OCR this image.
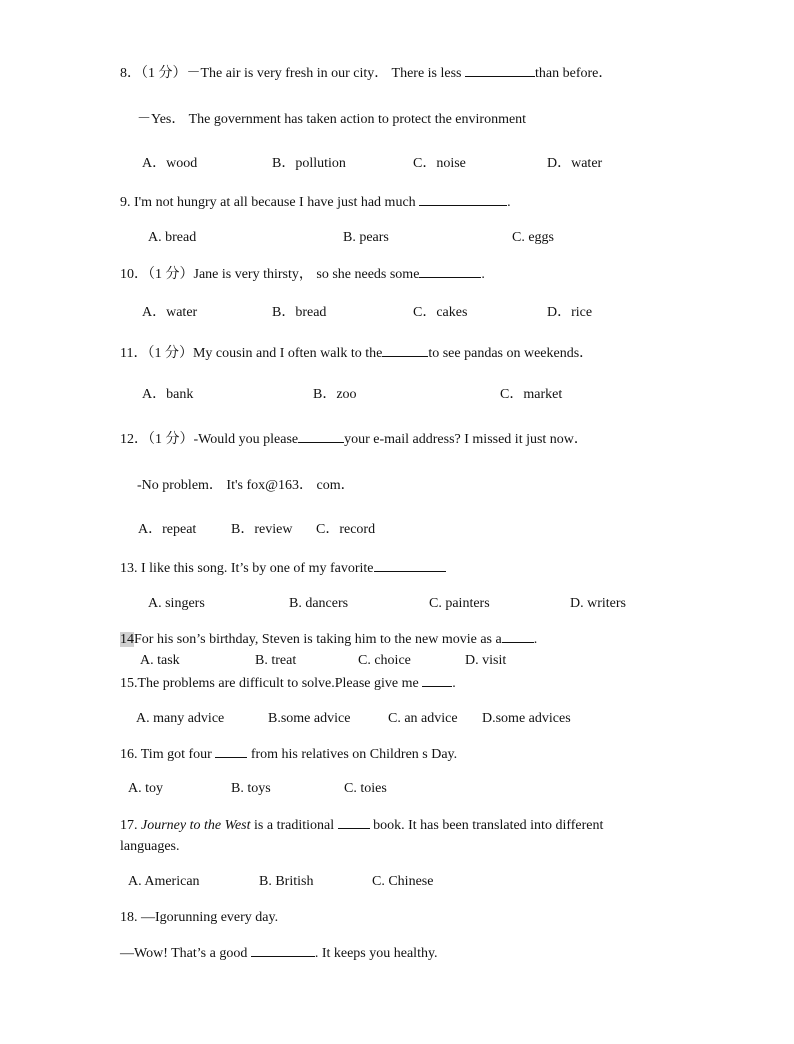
8．（1 分）－The air is very fresh in our city． There is less	than before．
－Yes． The government has taken action to protect the environment
A．wood	B．pollution	C．noise	D．water
9. I'm not hungry at all because I have just had much	.
A. bread	B. pears	C. eggs
10．（1 分）Jane is very thirsty， so she needs some	.
A．water	B．bread	C．cakes	D．rice
11．（1 分）My cousin and I often walk to the	to see pandas on weekends．
A．bank	B．zoo	C．market
12．（1 分）-Would you please	your e-mail address? I missed it just now．
-No problem． It's fox@163． com．
A．repeat B．review C．record
13. I like this song. It’s by one of my favorite
A. singers	B. dancers	C. painters	D. writers
14For his son’s birthday, Steven is taking him to the new movie as a .
A. task	B. treat	C. choice	D. visit
15.The problems are difficult to solve.Please give me .
A. many advice	B.some advice	C. an advice D.some advices
16. Tim got four  from his relatives on Children s Day.
A. toy	B. toys	C. toies
17. Journey to the West is a traditional  book. It has been translated into different
languages.
A. American	B. British	C. Chinese
18. —Igorunning every day.
—Wow! That’s a good	. It keeps you healthy.
